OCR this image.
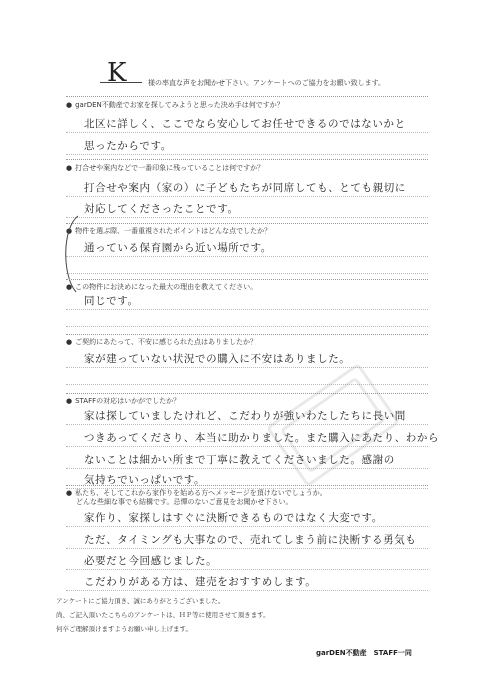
K	様の率直な声をお聞かせ下さい。アンケートへのご協力をお願い致します。
● garDEN不動産でお家を探してみようと思った決め手は何ですか？
北区に詳しく、ここでなら安心してお任せできるのではないかと
思ったからです。
● 打合せや案内などで一番印象に残っていることは何ですか？
打合せや案内（家の）に子どもたちが同席しても、とても親切に
対応してくださったことです。
● 物件を選ぶ際、一番重視されたポイントはどんな点でしたか？
通っている保育園から近い場所です。
● この物件にお決めになった最大の理由を教えてください。
同じです。
● ご契約にあたって、不安に感じられた点はありましたか？
家が建っていない状況での購入に不安はありました。
● STAFFの対応はいかがでしたか？
家は探していましたけれど、こだわりが強いわたしたちに長い間
つきあってくださり、本当に助かりました。また購入にあたり、わから
ないことは細かい所まで丁寧に教えてくださいました。感謝の
気持ちでいっぱいです。
● 私たち、そしてこれから家作りを始める方へメッセージを頂けないでしょうか。
どんな些細な事でも結構です。忌憚のないご意見をお聞かせ下さい。
家作り、家探しはすぐに決断できるものではなく大変です。
ただ、タイミングも大事なので、売れてしまう前に決断する勇気も
必要だと今回感じました。
こだわりがある方は、建売をおすすめします。
アンケートにご協力頂き、誠にありがとうございました。
尚、ご記入頂いたこちらのアンケートは、ＨＰ等に使用させて頂きます。
何卒ご理解頂けますようお願い申し上げます。
garDEN不動産　STAFF一同
